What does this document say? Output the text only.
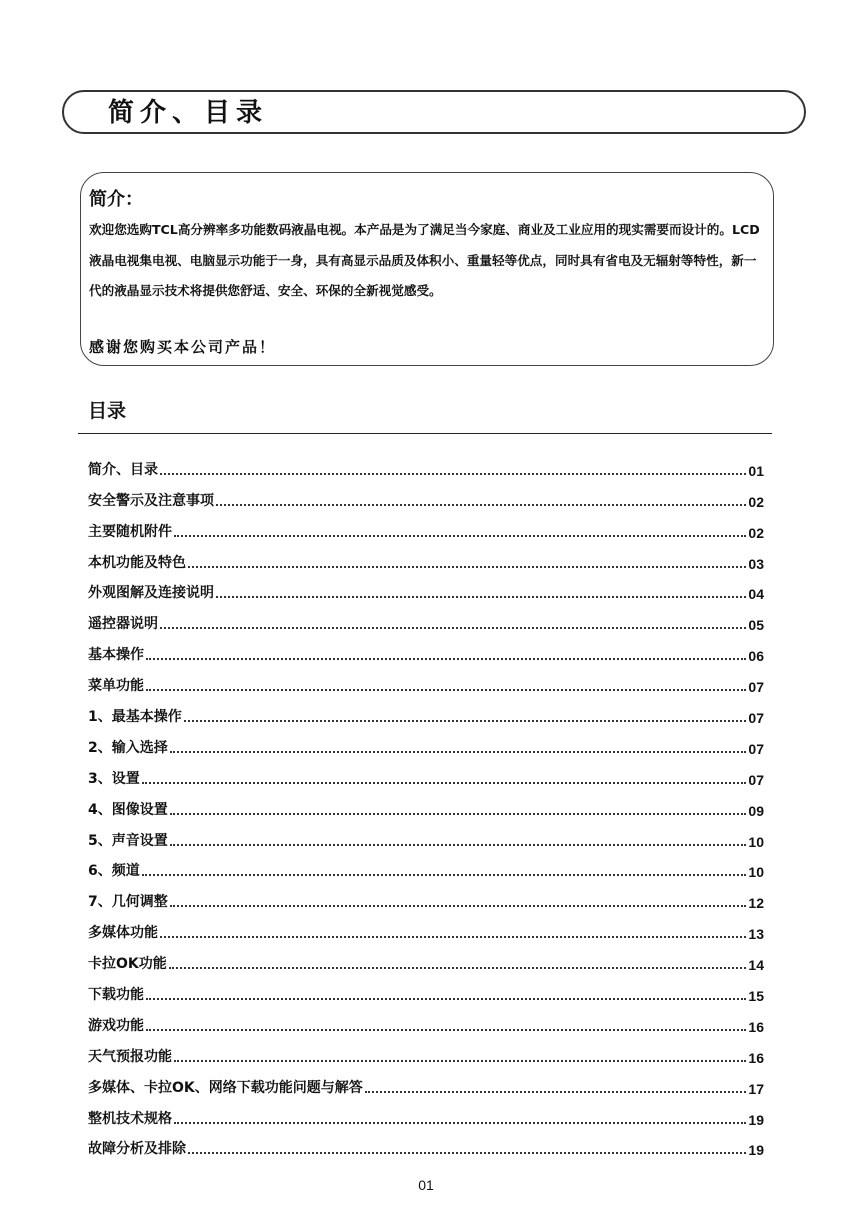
简介、目录
简介：

欢迎您选购TCL高分辨率多功能数码液晶电视。本产品是为了满足当今家庭、商业及工业应用的现实需要而设计的。LCD液晶电视集电视、电脑显示功能于一身，具有高显示品质及体积小、重量轻等优点，同时具有省电及无辐射等特性，新一代的液晶显示技术将提供您舒适、安全、环保的全新视觉感受。

感谢您购买本公司产品！

目录
简介、目录	01
安全警示及注意事项	02
主要随机附件	02
本机功能及特色	03
外观图解及连接说明	04
遥控器说明	05
基本操作	06
菜单功能	07
1、最基本操作	07
2、输入选择	07
3、设置	07
4、图像设置	09
5、声音设置	10
6、频道	10
7、几何调整	12
多媒体功能	13
卡拉OK功能	14
下载功能	15
游戏功能	16
天气预报功能	16
多媒体、卡拉OK、网络下载功能问题与解答	17
整机技术规格	19
故障分析及排除	19
01
